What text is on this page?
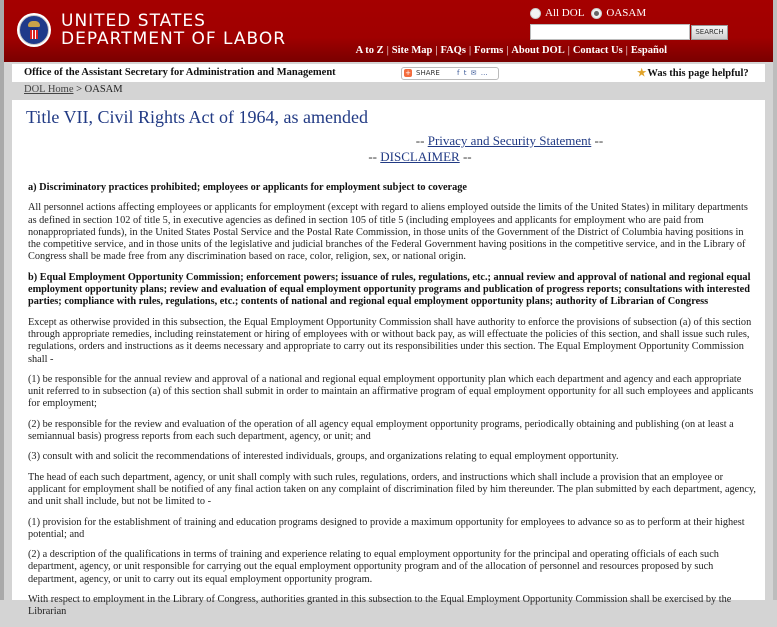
UNITED STATES
DEPARTMENT OF LABOR
All DOL OASAM
SEARCH
A to Z | Site Map | FAQs | Forms | About DOL | Contact Us | Español
Office of the Assistant Secretary for Administration and Management	+ SHARE f t ✉ …	★Was this page helpful?
DOL Home > OASAM
Title VII, Civil Rights Act of 1964, as amended
-- Privacy and Security Statement --
-- DISCLAIMER --

a) Discriminatory practices prohibited; employees or applicants for employment subject to coverage

All personnel actions affecting employees or applicants for employment (except with regard to aliens employed outside the limits of the United States) in military departments as defined in section 102 of title 5, in executive agencies as defined in section 105 of title 5 (including employees and applicants for employment who are paid from nonappropriated funds), in the United States Postal Service and the Postal Rate Commission, in those units of the Government of the District of Columbia having positions in the competitive service, and in those units of the legislative and judicial branches of the Federal Government having positions in the competitive service, and in the Library of Congress shall be made free from any discrimination based on race, color, religion, sex, or national origin.

b) Equal Employment Opportunity Commission; enforcement powers; issuance of rules, regulations, etc.; annual review and approval of national and regional equal employment opportunity plans; review and evaluation of equal employment opportunity programs and publication of progress reports; consultations with interested parties; compliance with rules, regulations, etc.; contents of national and regional equal employment opportunity plans; authority of Librarian of Congress

Except as otherwise provided in this subsection, the Equal Employment Opportunity Commission shall have authority to enforce the provisions of subsection (a) of this section through appropriate remedies, including reinstatement or hiring of employees with or without back pay, as will effectuate the policies of this section, and shall issue such rules, regulations, orders and instructions as it deems necessary and appropriate to carry out its responsibilities under this section. The Equal Employment Opportunity Commission shall -

(1) be responsible for the annual review and approval of a national and regional equal employment opportunity plan which each department and agency and each appropriate unit referred to in subsection (a) of this section shall submit in order to maintain an affirmative program of equal employment opportunity for all such employees and applicants for employment;

(2) be responsible for the review and evaluation of the operation of all agency equal employment opportunity programs, periodically obtaining and publishing (on at least a semiannual basis) progress reports from each such department, agency, or unit; and

(3) consult with and solicit the recommendations of interested individuals, groups, and organizations relating to equal employment opportunity.

The head of each such department, agency, or unit shall comply with such rules, regulations, orders, and instructions which shall include a provision that an employee or applicant for employment shall be notified of any final action taken on any complaint of discrimination filed by him thereunder. The plan submitted by each department, agency, and unit shall include, but not be limited to -

(1) provision for the establishment of training and education programs designed to provide a maximum opportunity for employees to advance so as to perform at their highest potential; and

(2) a description of the qualifications in terms of training and experience relating to equal employment opportunity for the principal and operating officials of each such department, agency, or unit responsible for carrying out the equal employment opportunity program and of the allocation of personnel and resources proposed by such department, agency, or unit to carry out its equal employment opportunity program.

With respect to employment in the Library of Congress, authorities granted in this subsection to the Equal Employment Opportunity Commission shall be exercised by the Librarian
